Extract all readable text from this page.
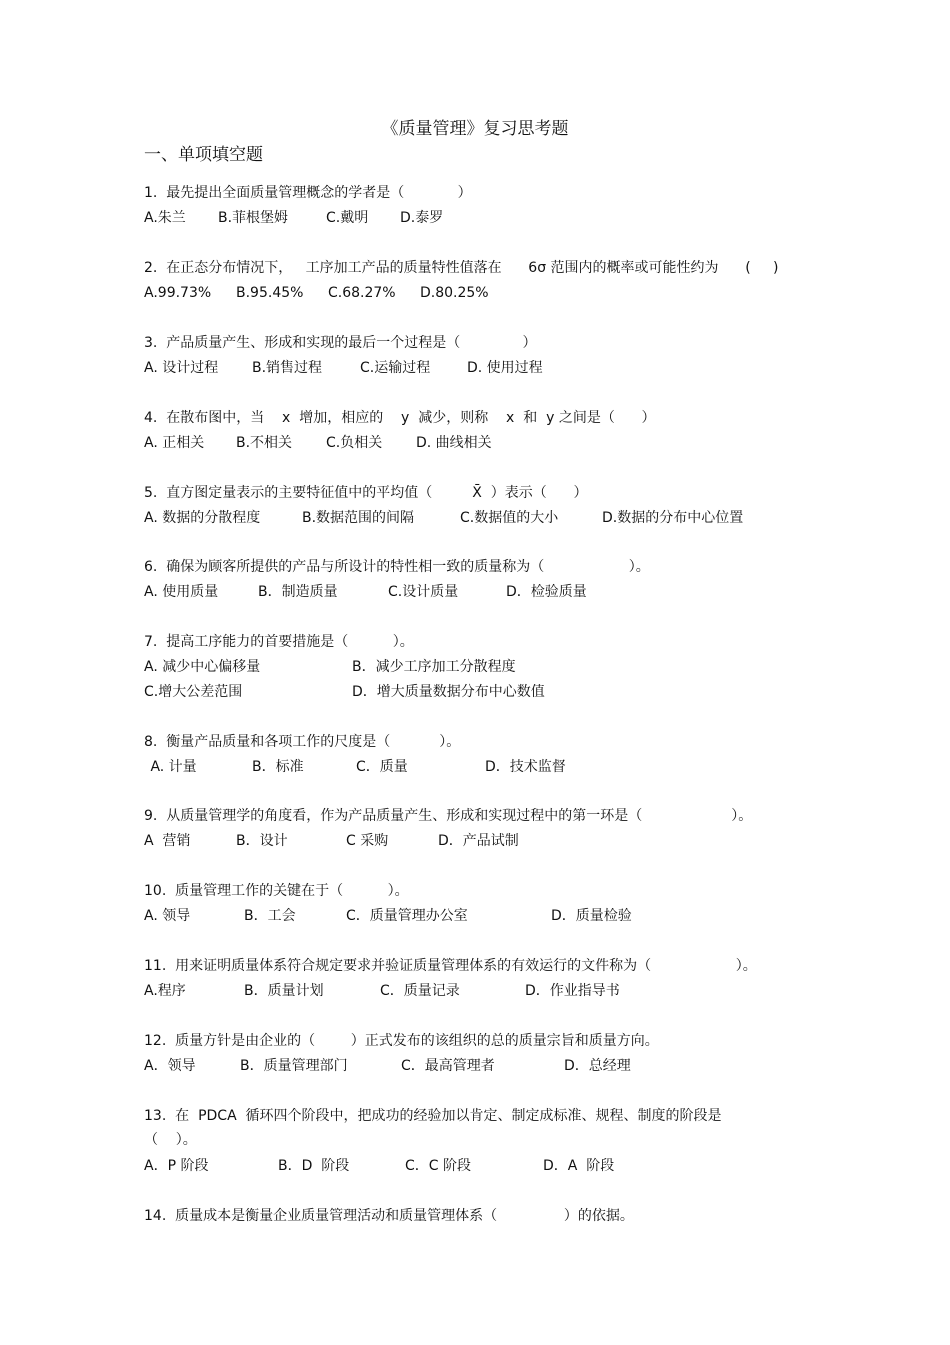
《质量管理》复习思考题
一、单项填空题
1.  最先提出全面质量管理概念的学者是（            ）
A.朱兰 B.菲根堡姆	C.戴明 D.泰罗
2.  在正态分布情况下，   工序加工产品的质量特性值落在      6σ 范围内的概率或可能性约为      (     )
A.99.73% B.95.45% C.68.27% D.80.25%
3.  产品质量产生、形成和实现的最后一个过程是（              ）
A. 设计过程 B.销售过程	C.运输过程	D. 使用过程
4.  在散布图中，当    x  增加，相应的    y  减少，则称    x  和  y 之间是（      ）
A. 正相关 B.不相关 C.负相关 D. 曲线相关
5.  直方图定量表示的主要特征值中的平均值（         X̄  ）表示（      ）
A. 数据的分散程度	B.数据范围的间隔	C.数据值的大小	D.数据的分布中心位置
6.  确保为顾客所提供的产品与所设计的特性相一致的质量称为（                   ）。
A. 使用质量	B．制造质量	C.设计质量	D．检验质量
7.  提高工序能力的首要措施是（          ）。
A. 减少中心偏移量	B．减少工序加工分散程度
C.增大公差范围	D．增大质量数据分布中心数值
8.  衡量产品质量和各项工作的尺度是（           ）。
A. 计量	B．标准	C．质量	D．技术监督
9.  从质量管理学的角度看，作为产品质量产生、形成和实现过程中的第一环是（                    ）。
A  营销	B．设计	C 采购	D．产品试制
10.  质量管理工作的关键在于（          ）。
A. 领导	B．工会	C．质量管理办公室	D．质量检验
11.  用来证明质量体系符合规定要求并验证质量管理体系的有效运行的文件称为（                   ）。
A.程序	B．质量计划	C．质量记录	D．作业指导书
12.  质量方针是由企业的（        ）正式发布的该组织的总的质量宗旨和质量方向。
A．领导	B．质量管理部门	C．最高管理者	D．总经理
13.  在  PDCA  循环四个阶段中，把成功的经验加以肯定、制定成标准、规程、制度的阶段是
（    ）。
A．P 阶段	B．D  阶段	C．C 阶段	D．A  阶段
14.  质量成本是衡量企业质量管理活动和质量管理体系（               ）的依据。
